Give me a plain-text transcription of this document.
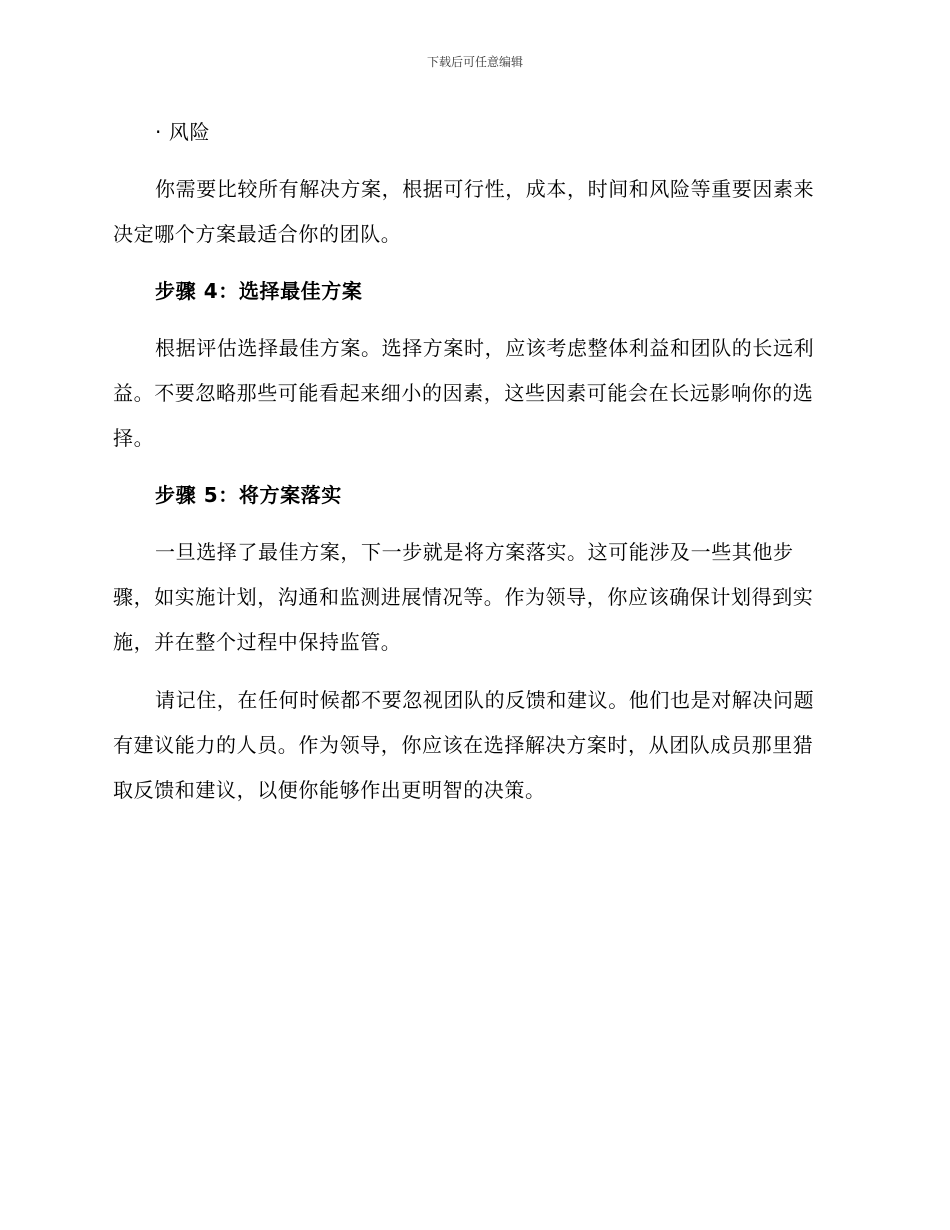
下载后可任意编辑

· 风险

你需要比较所有解决方案，根据可行性，成本，时间和风险等重要因素来决定哪个方案最适合你的团队。

步骤 4：选择最佳方案

根据评估选择最佳方案。选择方案时，应该考虑整体利益和团队的长远利益。不要忽略那些可能看起来细小的因素，这些因素可能会在长远影响你的选择。

步骤 5：将方案落实

一旦选择了最佳方案，下一步就是将方案落实。这可能涉及一些其他步骤，如实施计划，沟通和监测进展情况等。作为领导，你应该确保计划得到实施，并在整个过程中保持监管。

请记住，在任何时候都不要忽视团队的反馈和建议。他们也是对解决问题有建议能力的人员。作为领导，你应该在选择解决方案时，从团队成员那里猎取反馈和建议，以便你能够作出更明智的决策。
